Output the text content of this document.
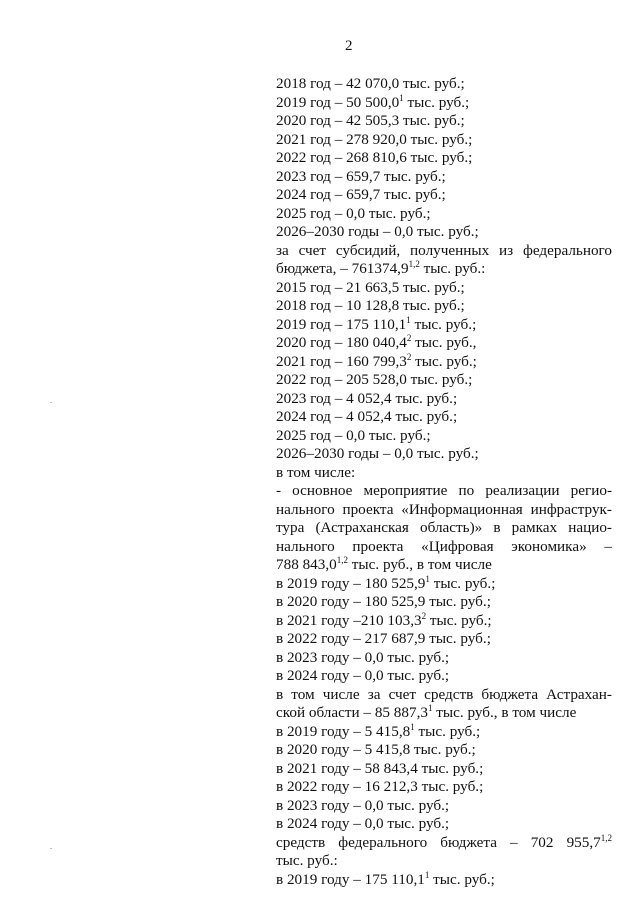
2
2018 год – 42 070,0 тыс. руб.;
2019 год – 50 500,0$^1$ тыс. руб.;
2020 год – 42 505,3 тыс. руб.;
2021 год – 278 920,0 тыс. руб.;
2022 год – 268 810,6 тыс. руб.;
2023 год – 659,7 тыс. руб.;
2024 год – 659,7 тыс. руб.;
2025 год – 0,0 тыс. руб.;
2026–2030 годы – 0,0 тыс. руб.;
за счет субсидий, полученных из федерального
бюджета, – 761374,9$^{1,2}$ тыс. руб.:
2015 год – 21 663,5 тыс. руб.;
2018 год – 10 128,8 тыс. руб.;
2019 год – 175 110,1$^1$ тыс. руб.;
2020 год – 180 040,4$^2$ тыс. руб.,
2021 год – 160 799,3$^2$ тыс. руб.;
2022 год – 205 528,0 тыс. руб.;
2023 год – 4 052,4 тыс. руб.;
2024 год – 4 052,4 тыс. руб.;
2025 год – 0,0 тыс. руб.;
2026–2030 годы – 0,0 тыс. руб.;
в том числе:
- основное мероприятие по реализации регио-
нального проекта «Информационная инфраструк-
тура (Астраханская область)» в рамках нацио-
нального проекта «Цифровая экономика» –
788 843,0$^{1,2}$ тыс. руб., в том числе
в 2019 году – 180 525,9$^1$ тыс. руб.;
в 2020 году – 180 525,9 тыс. руб.;
в 2021 году –210 103,3$^2$ тыс. руб.;
в 2022 году – 217 687,9 тыс. руб.;
в 2023 году – 0,0 тыс. руб.;
в 2024 году – 0,0 тыс. руб.;
в том числе за счет средств бюджета Астрахан-
ской области – 85 887,3$^1$ тыс. руб., в том числе
в 2019 году – 5 415,8$^1$ тыс. руб.;
в 2020 году – 5 415,8 тыс. руб.;
в 2021 году – 58 843,4 тыс. руб.;
в 2022 году – 16 212,3 тыс. руб.;
в 2023 году – 0,0 тыс. руб.;
в 2024 году – 0,0 тыс. руб.;
средств федерального бюджета – 702 955,7$^{1,2}$
тыс. руб.:
в 2019 году – 175 110,1$^1$ тыс. руб.;
